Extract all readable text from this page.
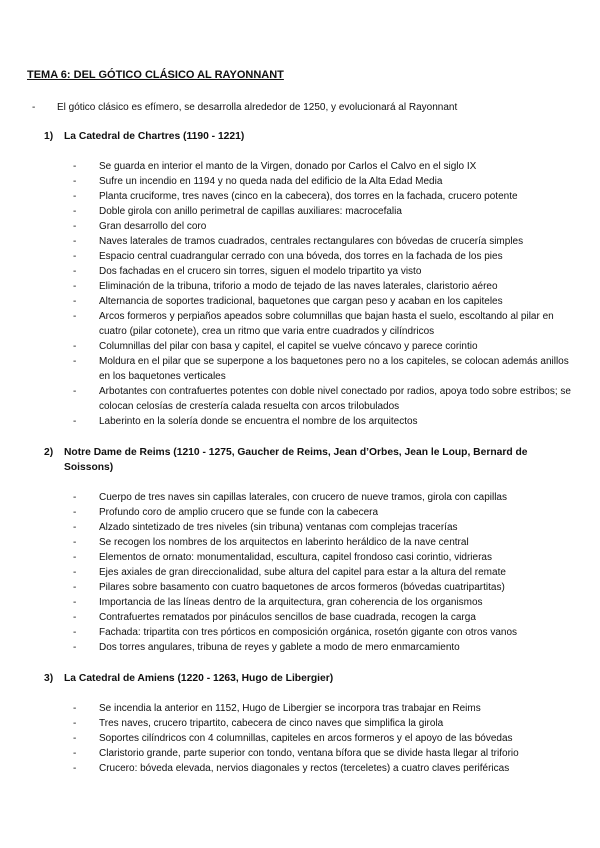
TEMA 6: DEL GÓTICO CLÁSICO AL RAYONNANT
-	El gótico clásico es efímero, se desarrolla alrededor de 1250, y evolucionará al Rayonnant
1)	La Catedral de Chartres (1190 - 1221)
-	Se guarda en interior el manto de la Virgen, donado por Carlos el Calvo en el siglo IX
-	Sufre un incendio en 1194 y no queda nada del edificio de la Alta Edad Media
-	Planta cruciforme, tres naves (cinco en la cabecera), dos torres en la fachada, crucero potente
-	Doble girola con anillo perimetral de capillas auxiliares: macrocefalia
-	Gran desarrollo del coro
-	Naves laterales de tramos cuadrados, centrales rectangulares con bóvedas de crucería simples
-	Espacio central cuadrangular cerrado con una bóveda, dos torres en la fachada de los pies
-	Dos fachadas en el crucero sin torres, siguen el modelo tripartito ya visto
-	Eliminación de la tribuna, triforio a modo de tejado de las naves laterales, claristorio aéreo
-	Alternancia de soportes tradicional, baquetones que cargan peso y acaban en los capiteles
-	Arcos formeros y perpiaños apeados sobre columnillas que bajan hasta el suelo, escoltando al pilar en cuatro (pilar cotonete), crea un ritmo que varia entre cuadrados y cilíndricos
-	Columnillas del pilar con basa y capitel, el capitel se vuelve cóncavo y parece corintio
-	Moldura en el pilar que se superpone a los baquetones pero no a los capiteles, se colocan además anillos en los baquetones verticales
-	Arbotantes con contrafuertes potentes con doble nivel conectado por radios, apoya todo sobre estribos; se colocan celosías de crestería calada resuelta con arcos trilobulados
-	Laberinto en la solería donde se encuentra el nombre de los arquitectos
2)	Notre Dame de Reims (1210 - 1275, Gaucher de Reims, Jean d’Orbes, Jean le Loup, Bernard de Soissons)
-	Cuerpo de tres naves sin capillas laterales, con crucero de nueve tramos, girola con capillas
-	Profundo coro de amplio crucero que se funde con la cabecera
-	Alzado sintetizado de tres niveles (sin tribuna) ventanas com complejas tracerías
-	Se recogen los nombres de los arquitectos en laberinto heráldico de la nave central
-	Elementos de ornato: monumentalidad, escultura, capitel frondoso casi corintio, vidrieras
-	Ejes axiales de gran direccionalidad, sube altura del capitel para estar a la altura del remate
-	Pilares sobre basamento con cuatro baquetones de arcos formeros (bóvedas cuatripartitas)
-	Importancia de las líneas dentro de la arquitectura, gran coherencia de los organismos
-	Contrafuertes rematados por pináculos sencillos de base cuadrada, recogen la carga
-	Fachada: tripartita con tres pórticos en composición orgánica, rosetón gigante con otros vanos
-	Dos torres angulares, tribuna de reyes y gablete a modo de mero enmarcamiento
3)	La Catedral de Amiens (1220 - 1263, Hugo de Libergier)
-	Se incendia la anterior en 1152, Hugo de Libergier se incorpora tras trabajar en Reims
-	Tres naves, crucero tripartito, cabecera de cinco naves que simplifica la girola
-	Soportes cilíndricos con 4 columnillas, capiteles en arcos formeros y el apoyo de las bóvedas
-	Claristorio grande, parte superior con tondo, ventana bífora que se divide hasta llegar al triforio
-	Crucero: bóveda elevada, nervios diagonales y rectos (terceletes) a cuatro claves periféricas
